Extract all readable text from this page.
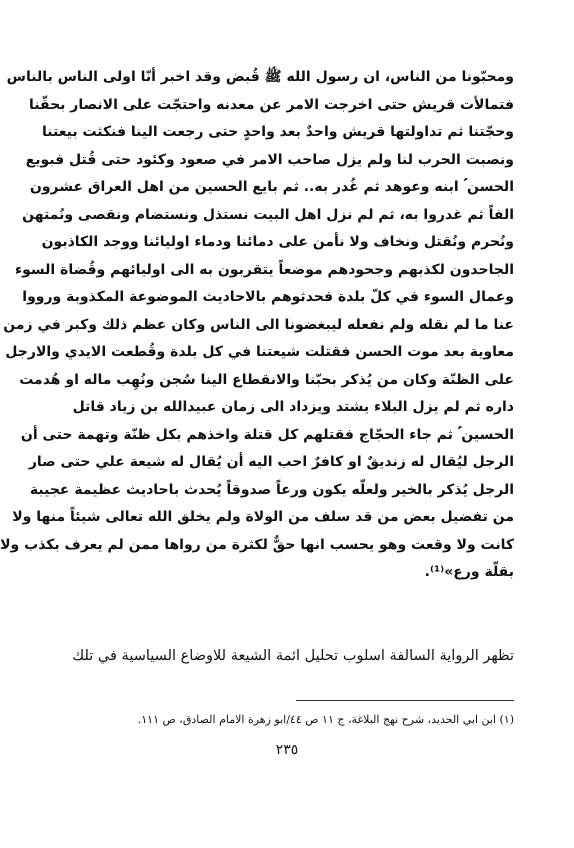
ومحبّونا من الناس، ان رسول الله ﷺ قُبض وقد اخبر أنّا اولى الناس بالناس
فتمالأت قريش حتى اخرجت الامر عن معدنه واحتجّت على الانصار بحقّنا
وحجّتنا ثم تداولتها قريش واحدٌ بعد واحدٍ حتى رجعت الينا فنكثت بيعتنا
ونصبت الحرب لنا ولم يزل صاحب الامر في صعود وكئود حتى قُتل فبويع
الحسن ؑ ابنه وعوهد ثم غُدر به.. ثم بايع الحسين من اهل العراق عشرون
الفاً ثم غدروا به، ثم لم نزل اهل البيت نستذل ونستضام ونقصى ونُمتهن
ونُحرم ونُقتل ونخاف ولا نأمن على دمائنا ودماء اوليائنا ووجد الكاذبون
الجاحدون لكذبهم وجحودهم موضعاً يتقربون به الى اوليائهم وقُضاة السوء
وعمال السوء في كلّ بلدة فحدثوهم بالاحاديث الموضوعة المكذوبة ورووا
عنا ما لم نقله ولم نفعله ليبغضونا الى الناس وكان عظم ذلك وكبر في زمن
معاوية بعد موت الحسن فقتلت شيعتنا في كل بلدة وقُطعت الايدي والارجل
على الظنّة وكان من يُذكر بحبّنا والانقطاع الينا سُجن ونُهِب ماله او هُدمت
داره ثم لم يزل البلاء يشتد ويزداد الى زمان عبيدالله بن زياد قاتل
الحسين ؑ ثم جاء الحجّاج فقتلهم كل قتلة واخذهم بكل ظنّة وتهمة حتى أن
الرجل ليُقال له زنديقٌ او كافرٌ احب اليه أن يُقال له شيعة علي حتى صار
الرجل يُذكر بالخير ولعلّه يكون ورعاً صدوقاً يُحدث باحاديث عظيمة عجيبة
من تفضيل بعض من قد سلف من الولاة ولم يخلق الله تعالى شيئاً منها ولا
كانت ولا وقعت وهو يحسب انها حقٌّ لكثرة من رواها ممن لم يعرف بكذب ولا
بقلّة ورع»⁽¹⁾.
تظهر الرواية السالفة اسلوب تحليل ائمة الشيعة للاوضاع السياسية في تلك
(١) ابن ابي الحديد، شرح نهج البلاغة، ج ١١ ص ٤٤/ابو زهرة الامام الصادق، ص ١١١.
٢٣٥
